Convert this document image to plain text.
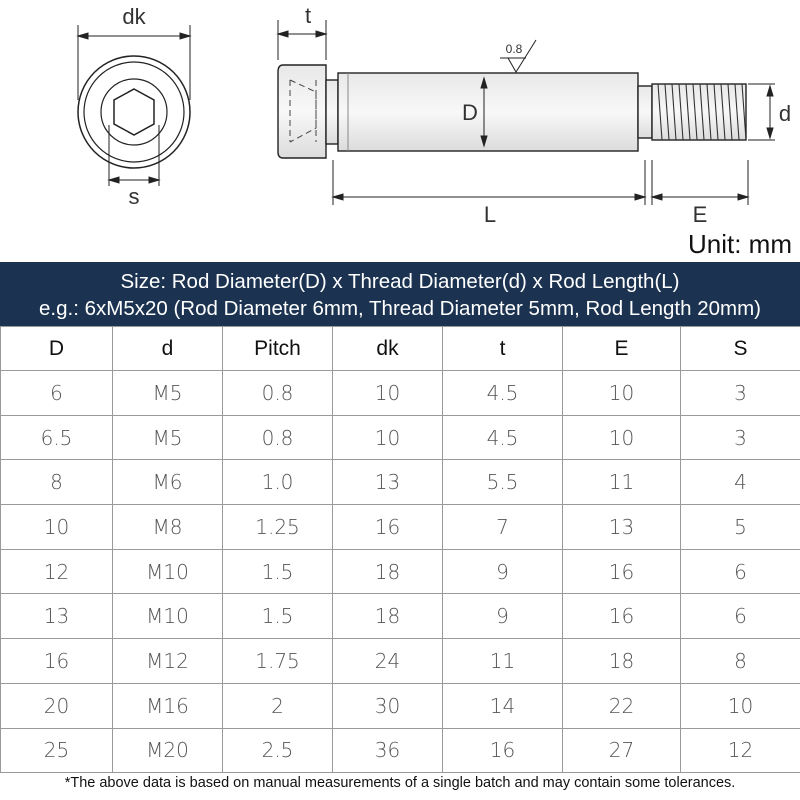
dk
s
t
D	d
L	E
0.8
Unit: mm
Size: Rod Diameter(D) x Thread Diameter(d) x Rod Length(L)
e.g.: 6xM5x20 (Rod Diameter 6mm, Thread Diameter 5mm, Rod Length 20mm)
D	d	Pitch	dk	t	E	S
6	M5	0.8	10	4.5	10	3
6.5	M5	0.8	10	4.5	10	3
8	M6	1.0	13	5.5	11	4
10	M8	1.25	16	7	13	5
12	M10	1.5	18	9	16	6
13	M10	1.5	18	9	16	6
16	M12	1.75	24	11	18	8
20	M16	2	30	14	22	10
25	M20	2.5	36	16	27	12
*The above data is based on manual measurements of a single batch and may contain some tolerances.
